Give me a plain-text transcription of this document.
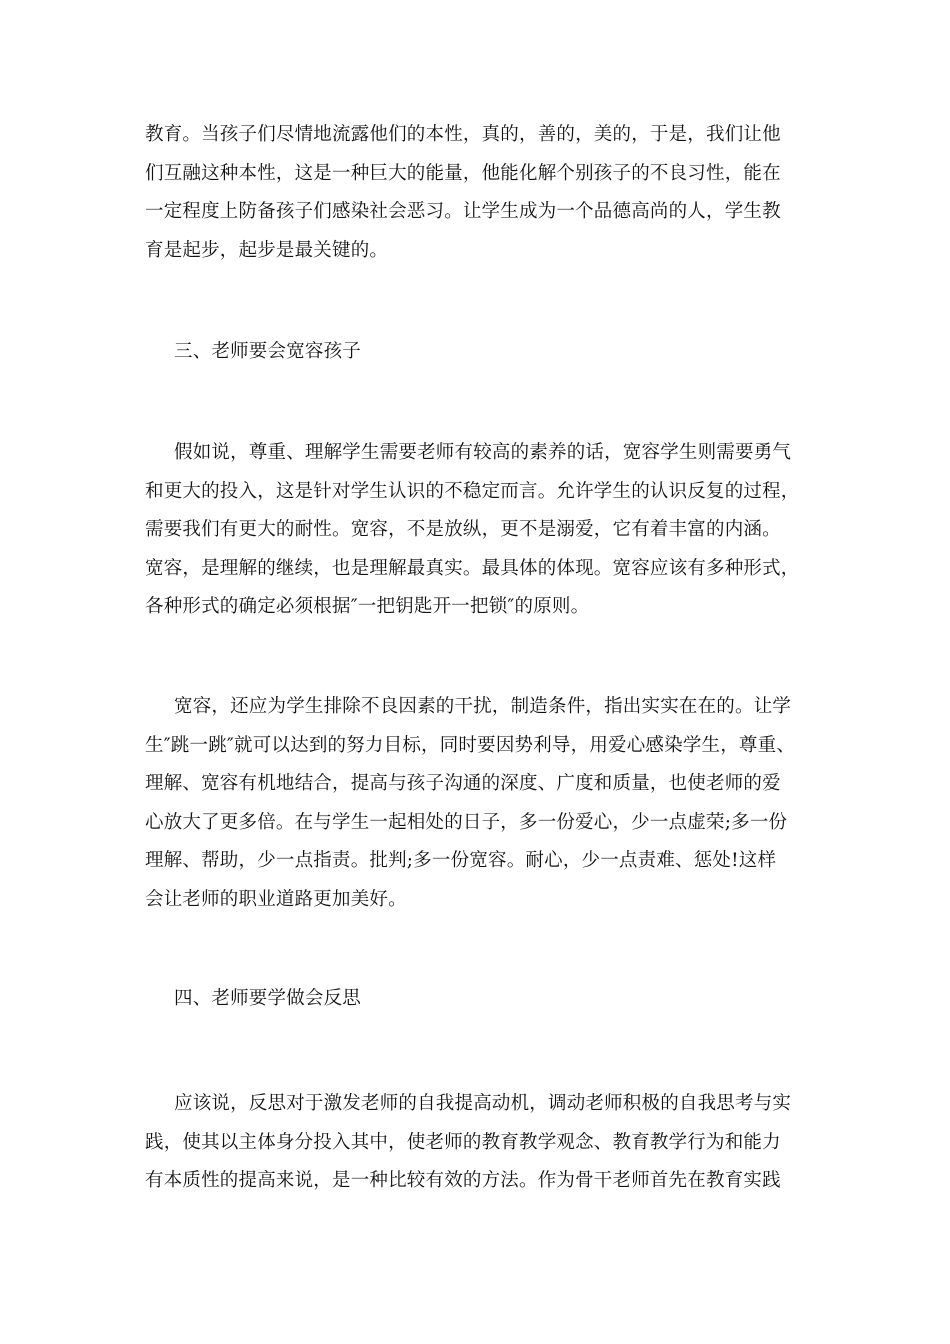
教育。当孩子们尽情地流露他们的本性，真的，善的，美的，于是，我们让他
们互融这种本性，这是一种巨大的能量，他能化解个别孩子的不良习性，能在
一定程度上防备孩子们感染社会恶习。让学生成为一个品德高尚的人，学生教
育是起步，起步是最关键的。

三、老师要会宽容孩子

假如说，尊重、理解学生需要老师有较高的素养的话，宽容学生则需要勇气
和更大的投入，这是针对学生认识的不稳定而言。允许学生的认识反复的过程，
需要我们有更大的耐性。宽容，不是放纵，更不是溺爱，它有着丰富的内涵。
宽容，是理解的继续，也是理解最真实。最具体的体现。宽容应该有多种形式，
各种形式的确定必须根据″一把钥匙开一把锁″的原则。
宽容，还应为学生排除不良因素的干扰，制造条件，指出实实在在的。让学
生″跳一跳″就可以达到的努力目标，同时要因势利导，用爱心感染学生，尊重、
理解、宽容有机地结合，提高与孩子沟通的深度、广度和质量，也使老师的爱
心放大了更多倍。在与学生一起相处的日子，多一份爱心，少一点虚荣;多一份
理解、帮助，少一点指责。批判;多一份宽容。耐心，少一点责难、惩处!这样
会让老师的职业道路更加美好。

四、老师要学做会反思

应该说，反思对于激发老师的自我提高动机，调动老师积极的自我思考与实
践，使其以主体身分投入其中，使老师的教育教学观念、教育教学行为和能力
有本质性的提高来说，是一种比较有效的方法。作为骨干老师首先在教育实践
